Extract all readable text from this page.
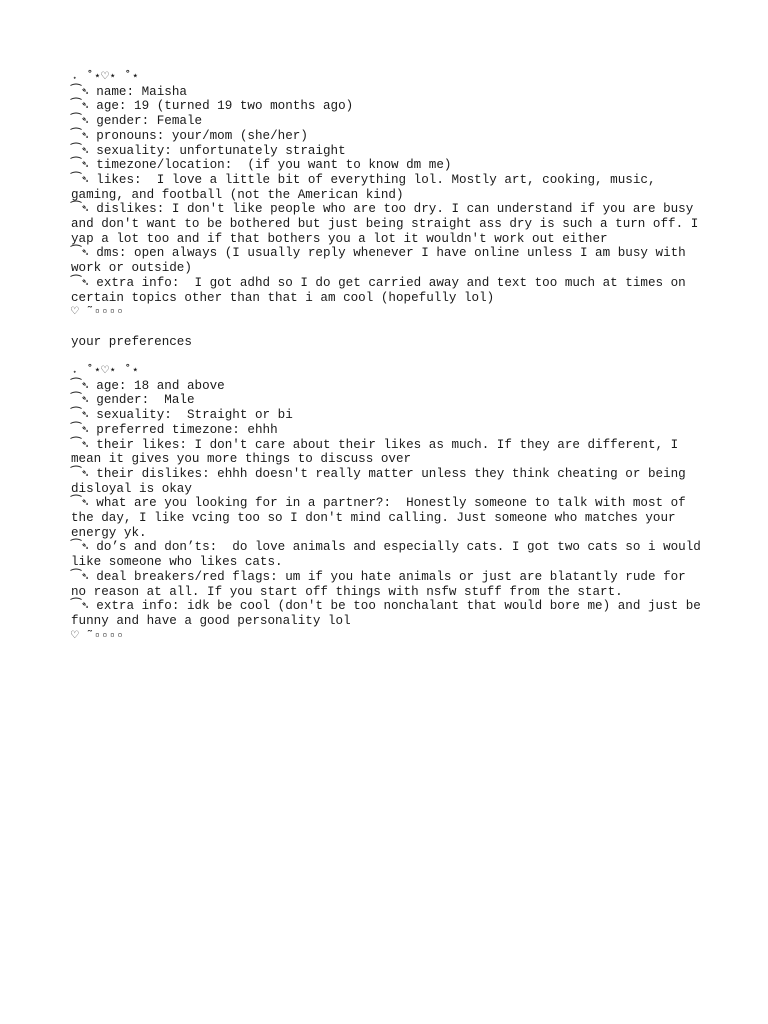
˖ ˚⋆♡⋆ ˚⋆

⁀➴ name: Maisha

⁀➴ age: 19 (turned 19 two months ago)

⁀➴ gender: Female

⁀➴ pronouns: your/mom (she/her)

⁀➴ sexuality: unfortunately straight

⁀➴ timezone/location:  (if you want to know dm me)

⁀➴ likes:  I love a little bit of everything lol. Mostly art, cooking, music, gaming, and football (not the American kind)

⁀➴ dislikes: I don't like people who are too dry. I can understand if you are busy and don't want to be bothered but just being straight ass dry is such a turn off. I yap a lot too and if that bothers you a lot it wouldn't work out either

⁀➴ dms: open always (I usually reply whenever I have online unless I am busy with work or outside)

⁀➴ extra info:  I got adhd so I do get carried away and text too much at times on certain topics other than that i am cool (hopefully lol)

♡ ˜▫▫▫▫

your preferences

˖ ˚⋆♡⋆ ˚⋆

⁀➴ age: 18 and above

⁀➴ gender:  Male

⁀➴ sexuality:  Straight or bi

⁀➴ preferred timezone: ehhh

⁀➴ their likes: I don't care about their likes as much. If they are different, I mean it gives you more things to discuss over

⁀➴ their dislikes: ehhh doesn't really matter unless they think cheating or being disloyal is okay

⁀➴ what are you looking for in a partner?:  Honestly someone to talk with most of the day, I like vcing too so I don't mind calling. Just someone who matches your energy yk.

⁀➴ do’s and don’ts:  do love animals and especially cats. I got two cats so i would like someone who likes cats.

⁀➴ deal breakers/red flags: um if you hate animals or just are blatantly rude for no reason at all. If you start off things with nsfw stuff from the start.

⁀➴ extra info: idk be cool (don't be too nonchalant that would bore me) and just be funny and have a good personality lol

♡ ˜▫▫▫▫
